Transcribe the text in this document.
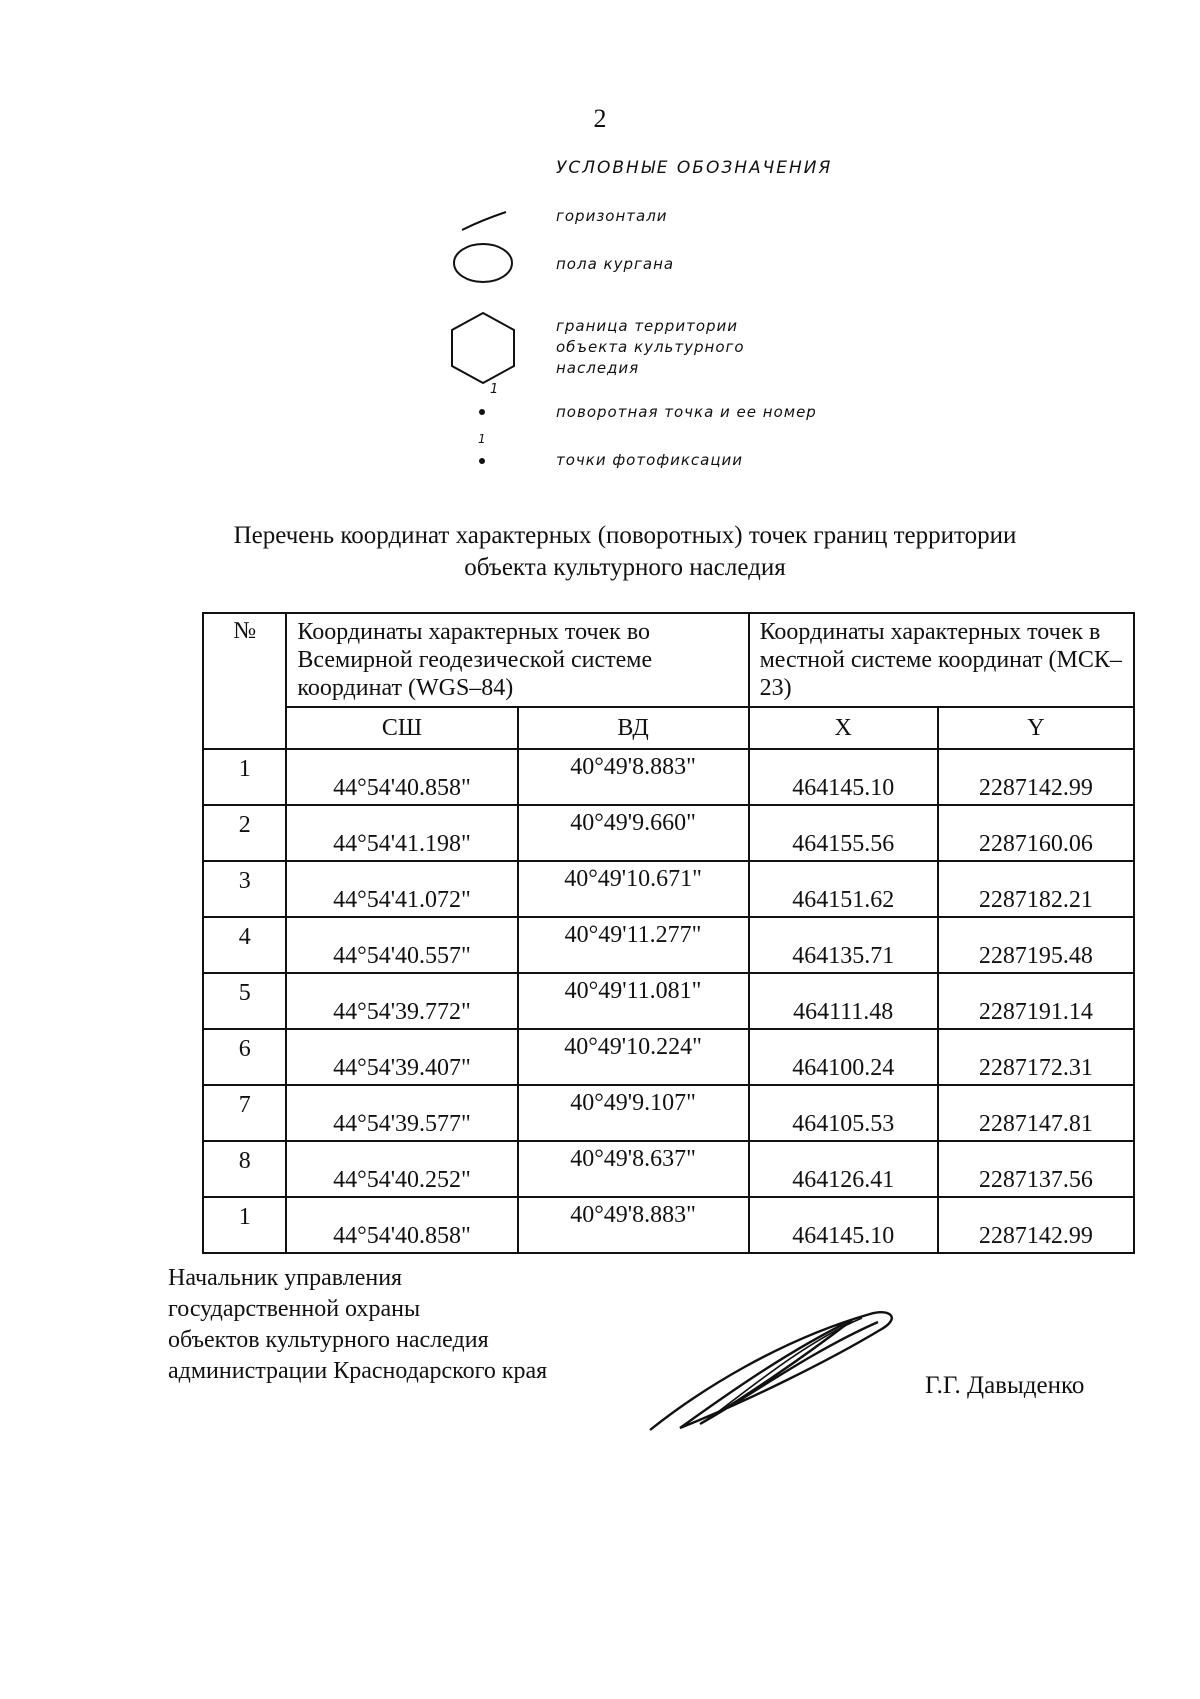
2
УСЛОВНЫЕ ОБОЗНАЧЕНИЯ
горизонтали
пола кургана
граница территории
объекта культурного
наследия
1
поворотная точка и ее номер
1
точки фотофиксации
Перечень координат характерных (поворотных) точек границ территории
объекта культурного наследия
№	Координаты характерных точек во Всемирной геодезической системе координат (WGS–84)		Координаты характерных точек в местной системе координат (МСК–23)	
	СШ	ВД	X	Y
1	44°54'40.858"	40°49'8.883"	464145.10	2287142.99
2	44°54'41.198"	40°49'9.660"	464155.56	2287160.06
3	44°54'41.072"	40°49'10.671"	464151.62	2287182.21
4	44°54'40.557"	40°49'11.277"	464135.71	2287195.48
5	44°54'39.772"	40°49'11.081"	464111.48	2287191.14
6	44°54'39.407"	40°49'10.224"	464100.24	2287172.31
7	44°54'39.577"	40°49'9.107"	464105.53	2287147.81
8	44°54'40.252"	40°49'8.637"	464126.41	2287137.56
1	44°54'40.858"	40°49'8.883"	464145.10	2287142.99
Начальник управления
государственной охраны
объектов культурного наследия
администрации Краснодарского края
Г.Г. Давыденко
